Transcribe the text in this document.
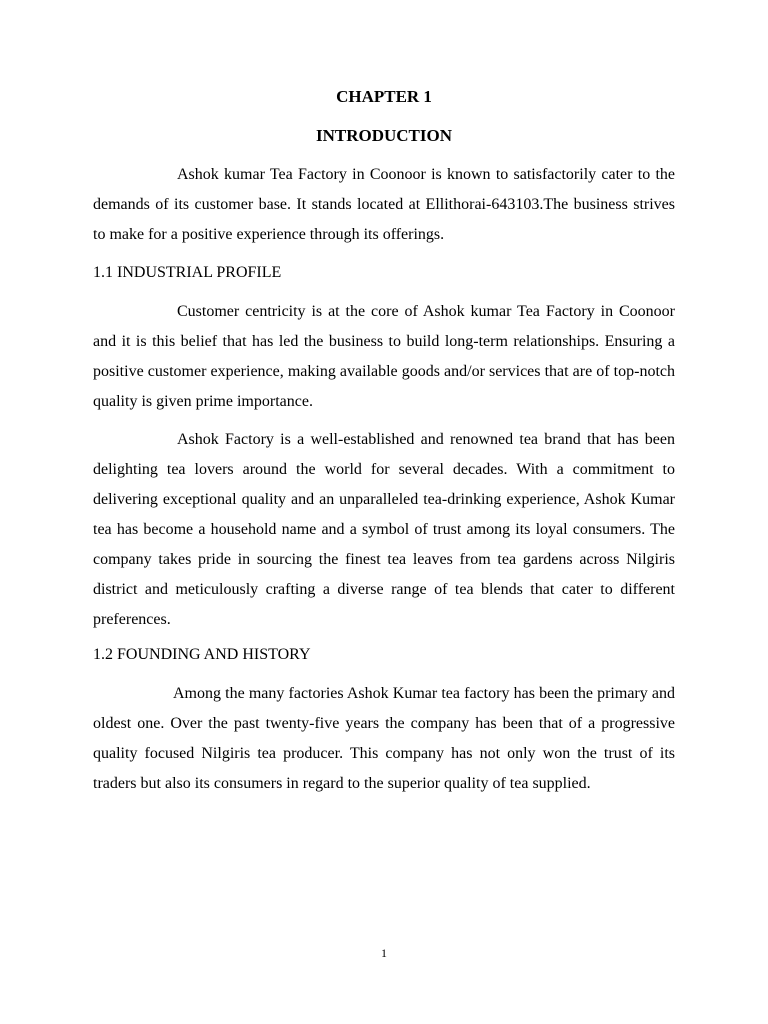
CHAPTER 1
INTRODUCTION

Ashok kumar Tea Factory in Coonoor is known to satisfactorily cater to the demands of its customer base. It stands located at Ellithorai-643103.The business strives to make for a positive experience through its offerings.

1.1 INDUSTRIAL PROFILE

Customer centricity is at the core of Ashok kumar Tea Factory in Coonoor and it is this belief that has led the business to build long-term relationships. Ensuring a positive customer experience, making available goods and/or services that are of top-notch quality is given prime importance.

Ashok Factory is a well-established and renowned tea brand that has been delighting tea lovers around the world for several decades. With a commitment to delivering exceptional quality and an unparalleled tea-drinking experience, Ashok Kumar tea has become a household name and a symbol of trust among its loyal consumers. The company takes pride in sourcing the finest tea leaves from tea gardens across Nilgiris district and meticulously crafting a diverse range of tea blends that cater to different preferences.

1.2 FOUNDING AND HISTORY

Among the many factories Ashok Kumar tea factory has been the primary and oldest one. Over the past twenty-five years the company has been that of a progressive quality focused Nilgiris tea producer. This company has not only won the trust of its traders but also its consumers in regard to the superior quality of tea supplied.

1
